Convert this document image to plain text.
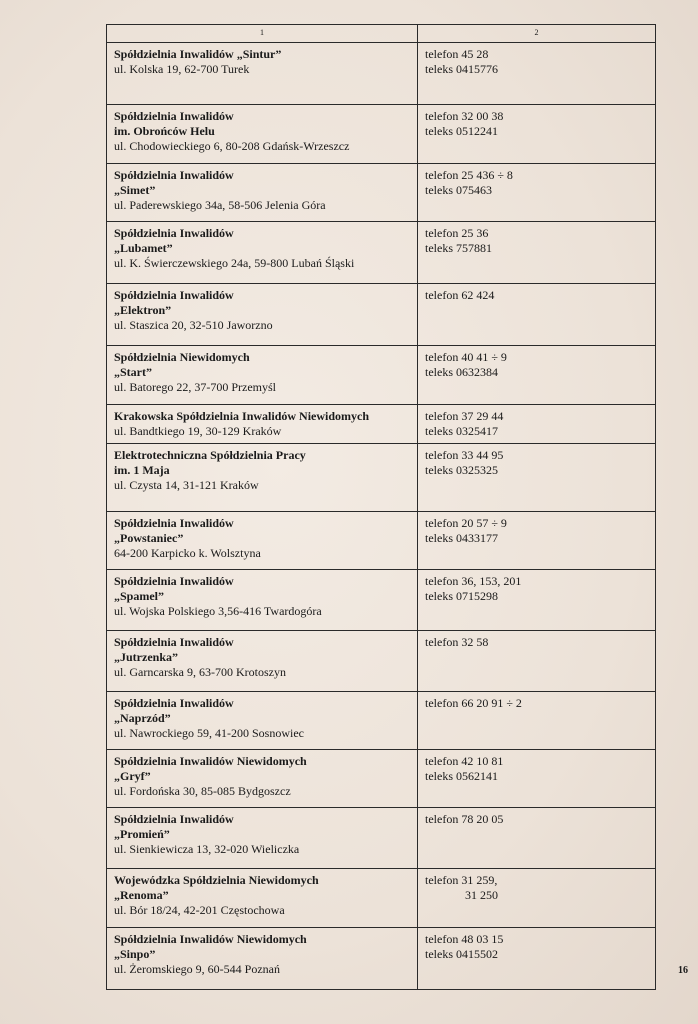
1	2

Spółdzielnia Inwalidów „Sintur”
ul. Kolska 19, 62-700 Turek	telefon 45 28
teleks 0415776

Spółdzielnia Inwalidów
im. Obrońców Helu
ul. Chodowieckiego 6, 80-208 Gdańsk-Wrzeszcz	telefon 32 00 38
teleks 0512241

Spółdzielnia Inwalidów
„Simet”
ul. Paderewskiego 34a, 58-506 Jelenia Góra	telefon 25 436 ÷ 8
teleks 075463

Spółdzielnia Inwalidów
„Lubamet”
ul. K. Świerczewskiego 24a, 59-800 Lubań Śląski	telefon 25 36
teleks 757881

Spółdzielnia Inwalidów
„Elektron”
ul. Staszica 20, 32-510 Jaworzno	telefon 62 424

Spółdzielnia Niewidomych
„Start”
ul. Batorego 22, 37-700 Przemyśl	telefon 40 41 ÷ 9
teleks 0632384

Krakowska Spółdzielnia Inwalidów Niewidomych
ul. Bandtkiego 19, 30-129 Kraków	telefon 37 29 44
teleks 0325417

Elektrotechniczna Spółdzielnia Pracy
im. 1 Maja
ul. Czysta 14, 31-121 Kraków	telefon 33 44 95
teleks 0325325

Spółdzielnia Inwalidów
„Powstaniec”
64-200 Karpicko k. Wolsztyna	telefon 20 57 ÷ 9
teleks 0433177

Spółdzielnia Inwalidów
„Spamel”
ul. Wojska Polskiego 3,56-416 Twardogóra	telefon 36, 153, 201
teleks 0715298

Spółdzielnia Inwalidów
„Jutrzenka”
ul. Garncarska 9, 63-700 Krotoszyn	telefon 32 58

Spółdzielnia Inwalidów
„Naprzód”
ul. Nawrockiego 59, 41-200 Sosnowiec	telefon 66 20 91 ÷ 2

Spółdzielnia Inwalidów Niewidomych
„Gryf”
ul. Fordońska 30, 85-085 Bydgoszcz	telefon 42 10 81
teleks 0562141

Spółdzielnia Inwalidów
„Promień”
ul. Sienkiewicza 13, 32-020 Wieliczka	telefon 78 20 05

Wojewódzka Spółdzielnia Niewidomych
„Renoma”
ul. Bór 18/24, 42-201 Częstochowa	telefon 31 259,
31 250

Spółdzielnia Inwalidów Niewidomych
„Sinpo”
ul. Żeromskiego 9, 60-544 Poznań	telefon 48 03 15
teleks 0415502
16
